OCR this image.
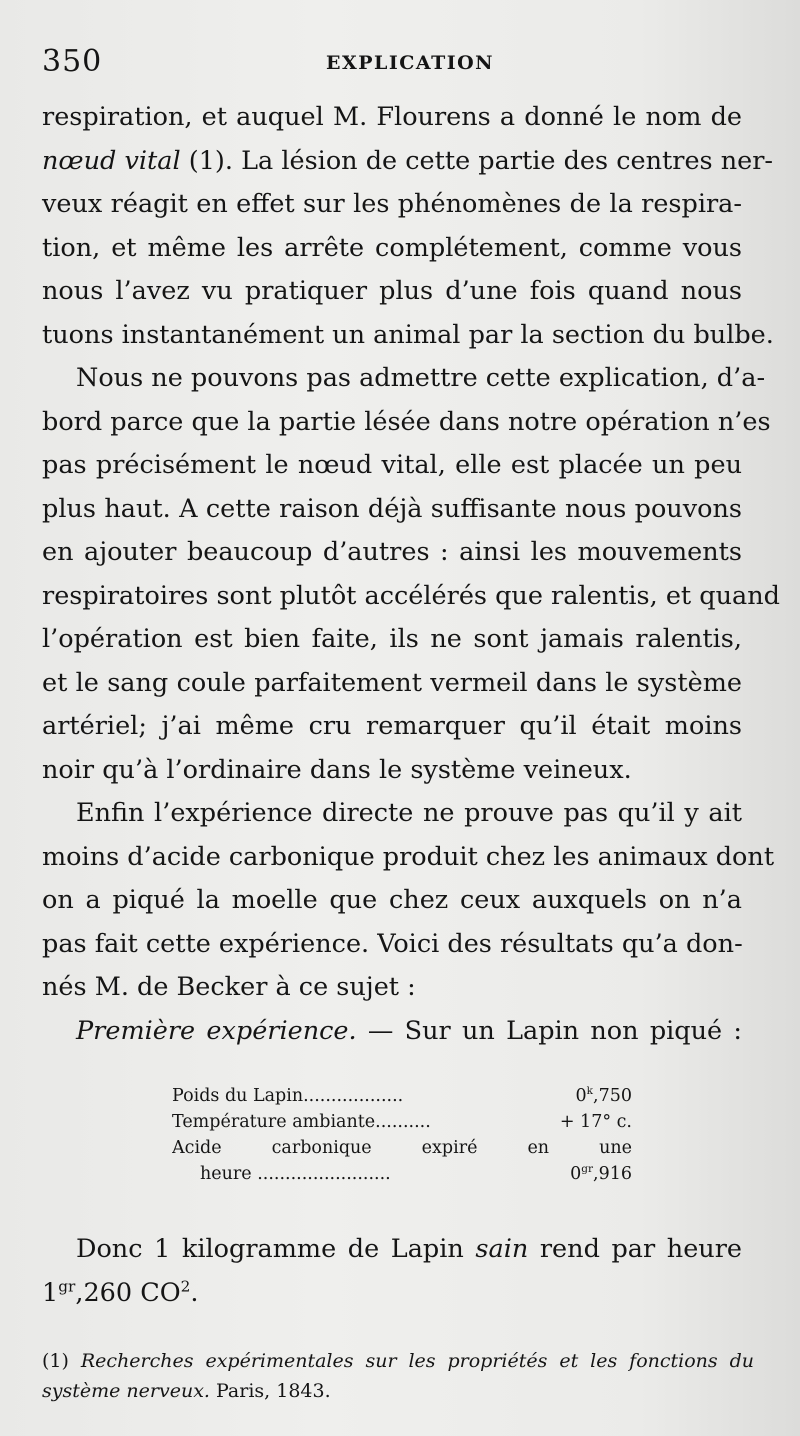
350	EXPLICATION
respiration, et auquel M. Flourens a donné le nom de
nœud vital (1). La lésion de cette partie des centres ner-
veux réagit en effet sur les phénomènes de la respira-
tion, et même les arrête complétement, comme vous
nous l’avez vu pratiquer plus d’une fois quand nous
tuons instantanément un animal par la section du bulbe.
Nous ne pouvons pas admettre cette explication, d’a-
bord parce que la partie lésée dans notre opération n’es
pas précisément le nœud vital, elle est placée un peu
plus haut. A cette raison déjà suffisante nous pouvons
en ajouter beaucoup d’autres : ainsi les mouvements
respiratoires sont plutôt accélérés que ralentis, et quand
l’opération est bien faite, ils ne sont jamais ralentis,
et le sang coule parfaitement vermeil dans le système
artériel; j’ai même cru remarquer qu’il était moins
noir qu’à l’ordinaire dans le système veineux.
Enfin l’expérience directe ne prouve pas qu’il y ait
moins d’acide carbonique produit chez les animaux dont
on a piqué la moelle que chez ceux auxquels on n’a
pas fait cette expérience. Voici des résultats qu’a don-
nés M. de Becker à ce sujet :
Première expérience. — Sur un Lapin non piqué :
Poids du Lapin..................	0$^k$,750
Température ambiante..........	+ 17° c.
Acide carbonique expiré en une
heure ........................	$0^{gr},916$
Donc 1 kilogramme de Lapin sain rend par heure
$1^{gr},260$ $CO^2$.
(1) Recherches expérimentales sur les propriétés et les fonctions du
système nerveux. Paris, 1843.
